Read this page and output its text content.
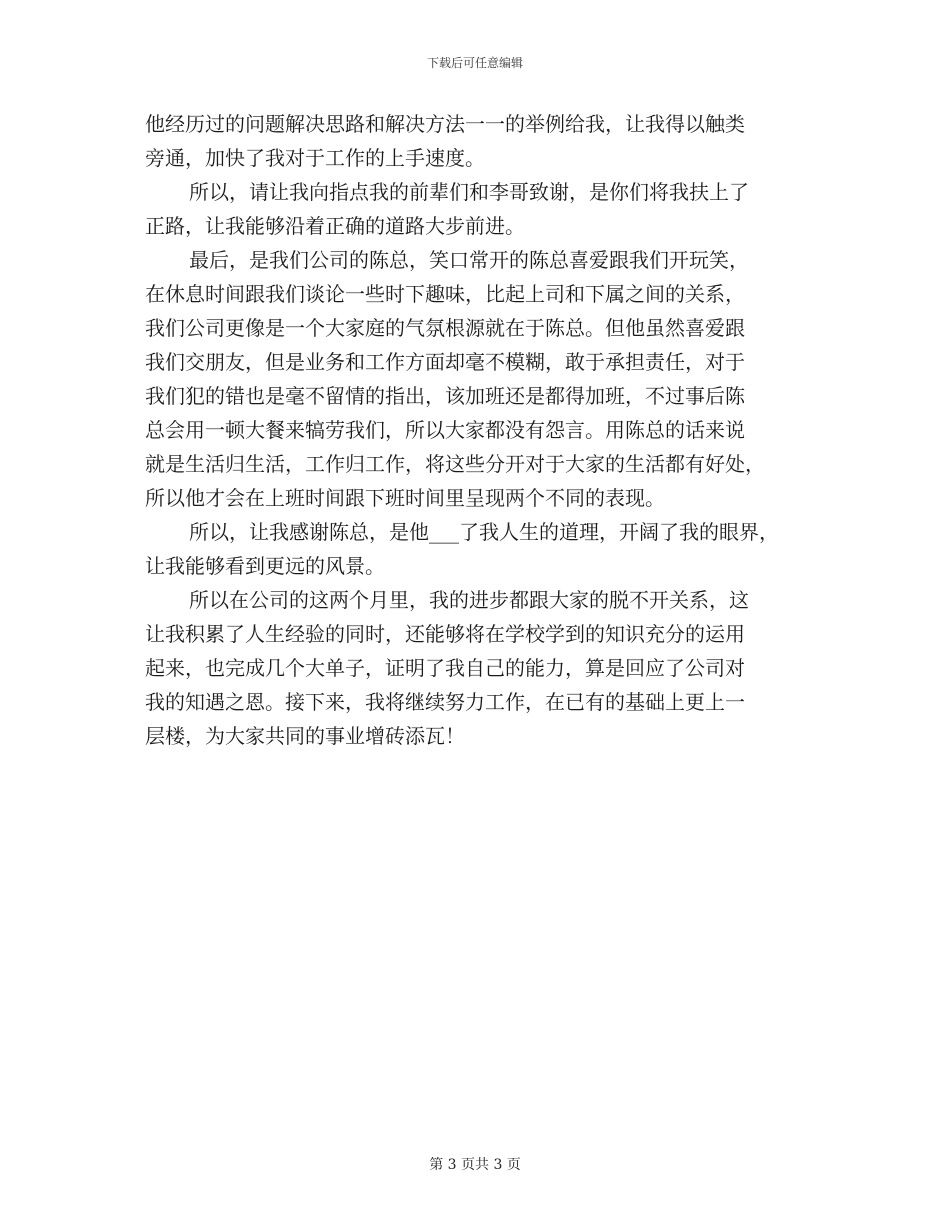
下载后可任意编辑
他经历过的问题解决思路和解决方法一一的举例给我，让我得以触类
旁通，加快了我对于工作的上手速度。
所以，请让我向指点我的前辈们和李哥致谢，是你们将我扶上了
正路，让我能够沿着正确的道路大步前进。
最后，是我们公司的陈总，笑口常开的陈总喜爱跟我们开玩笑，
在休息时间跟我们谈论一些时下趣味，比起上司和下属之间的关系，
我们公司更像是一个大家庭的气氛根源就在于陈总。但他虽然喜爱跟
我们交朋友，但是业务和工作方面却毫不模糊，敢于承担责任，对于
我们犯的错也是毫不留情的指出，该加班还是都得加班，不过事后陈
总会用一顿大餐来犒劳我们，所以大家都没有怨言。用陈总的话来说
就是生活归生活，工作归工作，将这些分开对于大家的生活都有好处，
所以他才会在上班时间跟下班时间里呈现两个不同的表现。
所以，让我感谢陈总，是他___了我人生的道理，开阔了我的眼界，
让我能够看到更远的风景。
所以在公司的这两个月里，我的进步都跟大家的脱不开关系，这
让我积累了人生经验的同时，还能够将在学校学到的知识充分的运用
起来，也完成几个大单子，证明了我自己的能力，算是回应了公司对
我的知遇之恩。接下来，我将继续努力工作，在已有的基础上更上一
层楼，为大家共同的事业增砖添瓦！
第 3 页共 3 页
